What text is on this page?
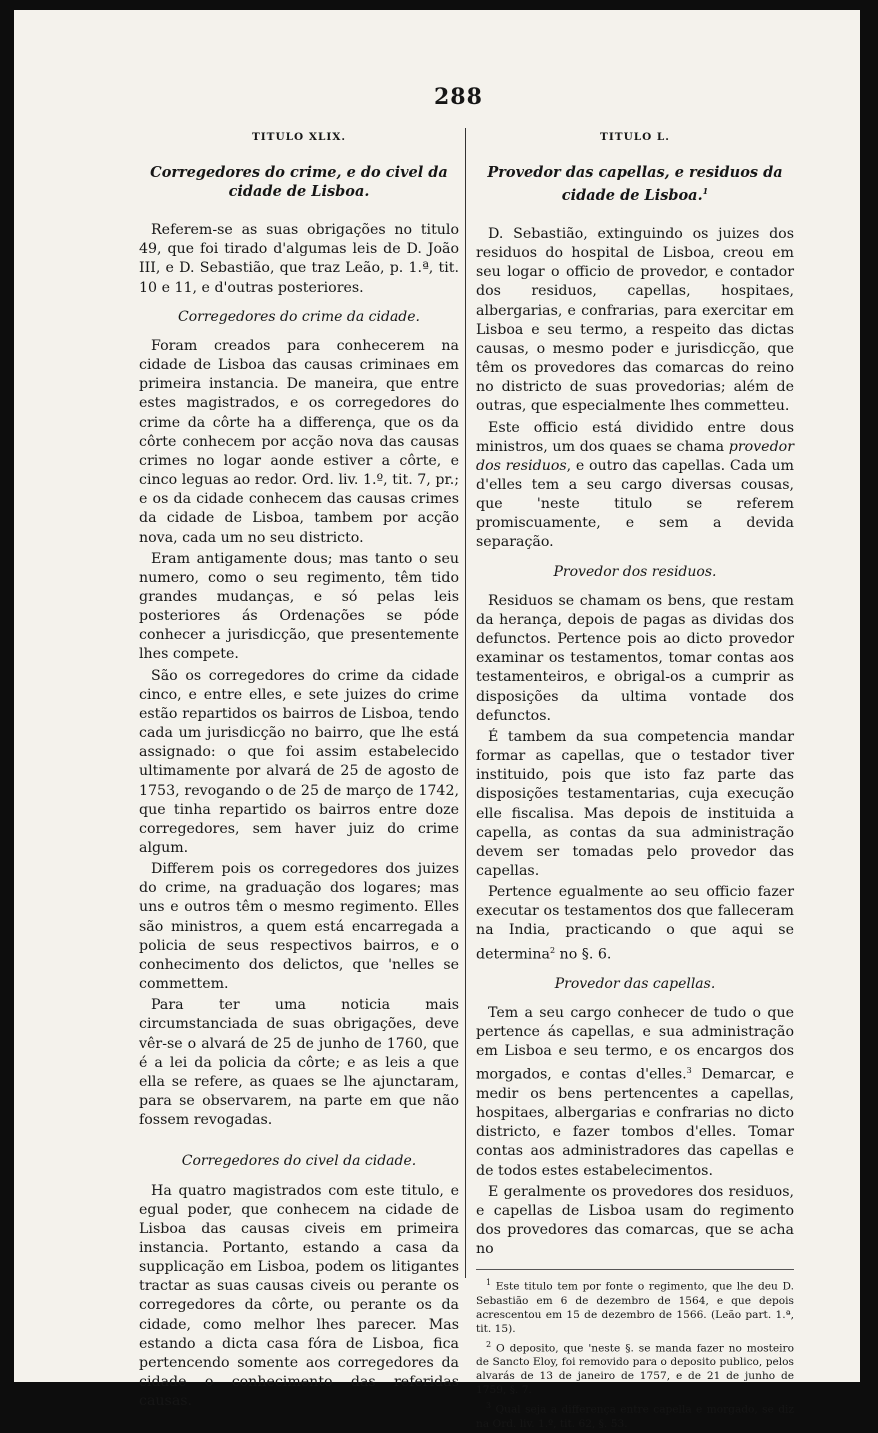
288
TITULO XLIX.
Corregedores do crime, e do civel da cidade de Lisboa.

Referem-se as suas obrigações no titulo 49, que foi tirado d'algumas leis de D. João III, e D. Sebastião, que traz Leão, p. 1.ª, tit. 10 e 11, e d'outras posteriores.

Corregedores do crime da cidade.

Foram creados para conhecerem na cidade de Lisboa das causas criminaes em primeira instancia. De maneira, que entre estes magistrados, e os corregedores do crime da côrte ha a differença, que os da côrte conhecem por acção nova das causas crimes no logar aonde estiver a côrte, e cinco leguas ao redor. Ord. liv. 1.º, tit. 7, pr.; e os da cidade conhecem das causas crimes da cidade de Lisboa, tambem por acção nova, cada um no seu districto.

Eram antigamente dous; mas tanto o seu numero, como o seu regimento, têm tido grandes mudanças, e só pelas leis posteriores ás Ordenações se póde conhecer a jurisdicção, que presentemente lhes compete.

São os corregedores do crime da cidade cinco, e entre elles, e sete juizes do crime estão repartidos os bairros de Lisboa, tendo cada um jurisdicção no bairro, que lhe está assignado: o que foi assim estabelecido ultimamente por alvará de 25 de agosto de 1753, revogando o de 25 de março de 1742, que tinha repartido os bairros entre doze corregedores, sem haver juiz do crime algum.

Differem pois os corregedores dos juizes do crime, na graduação dos logares; mas uns e outros têm o mesmo regimento. Elles são ministros, a quem está encarregada a policia de seus respectivos bairros, e o conhecimento dos delictos, que 'nelles se commettem.

Para ter uma noticia mais circumstanciada de suas obrigações, deve vêr-se o alvará de 25 de junho de 1760, que é a lei da policia da côrte; e as leis a que ella se refere, as quaes se lhe ajunctaram, para se observarem, na parte em que não fossem revogadas.

Corregedores do civel da cidade.

Ha quatro magistrados com este titulo, e egual poder, que conhecem na cidade de Lisboa das causas civeis em primeira instancia. Portanto, estando a casa da supplicação em Lisboa, podem os litigantes tractar as suas causas civeis ou perante os corregedores da côrte, ou perante os da cidade, como melhor lhes parecer. Mas estando a dicta casa fóra de Lisboa, fica pertencendo somente aos corregedores da cidade o conhecimento das referidas causas.

TITULO L.
Provedor das capellas, e residuos da cidade de Lisboa.$^1$

D. Sebastião, extinguindo os juizes dos residuos do hospital de Lisboa, creou em seu logar o officio de provedor, e contador dos residuos, capellas, hospitaes, albergarias, e confrarias, para exercitar em Lisboa e seu termo, a respeito das dictas causas, o mesmo poder e jurisdicção, que têm os provedores das comarcas do reino no districto de suas provedorias; além de outras, que especialmente lhes commetteu.

Este officio está dividido entre dous ministros, um dos quaes se chama provedor dos residuos, e outro das capellas. Cada um d'elles tem a seu cargo diversas cousas, que 'neste titulo se referem promiscuamente, e sem a devida separação.

Provedor dos residuos.

Residuos se chamam os bens, que restam da herança, depois de pagas as dividas dos defunctos. Pertence pois ao dicto provedor examinar os testamentos, tomar contas aos testamenteiros, e obrigal-os a cumprir as disposições da ultima vontade dos defunctos.

É tambem da sua competencia mandar formar as capellas, que o testador tiver instituido, pois que isto faz parte das disposições testamentarias, cuja execução elle fiscalisa. Mas depois de instituida a capella, as contas da sua administração devem ser tomadas pelo provedor das capellas.

Pertence egualmente ao seu officio fazer executar os testamentos dos que falleceram na India, practicando o que aqui se determina$^2$ no §. 6.

Provedor das capellas.

Tem a seu cargo conhecer de tudo o que pertence ás capellas, e sua administração em Lisboa e seu termo, e os encargos dos morgados, e contas d'elles.$^3$ Demarcar, e medir os bens pertencentes a capellas, hospitaes, albergarias e confrarias no dicto districto, e fazer tombos d'elles. Tomar contas aos administradores das capellas e de todos estes estabelecimentos.

E geralmente os provedores dos residuos, e capellas de Lisboa usam do regimento dos provedores das comarcas, que se acha no

$^1$ Este titulo tem por fonte o regimento, que lhe deu D. Sebastião em 6 de dezembro de 1564, e que depois acrescentou em 15 de dezembro de 1566. (Leão part. 1.ª, tit. 15).

$^2$ O deposito, que 'neste §. se manda fazer no mosteiro de Sancto Eloy, foi removido para o deposito publico, pelos alvarás de 13 de janeiro de 1757, e de 21 de junho de 1759, §. 7.

$^3$ Qual seja a differença entre capella e morgado, se diz na Ord. liv. 1.º, tit. 62, §. 53.
